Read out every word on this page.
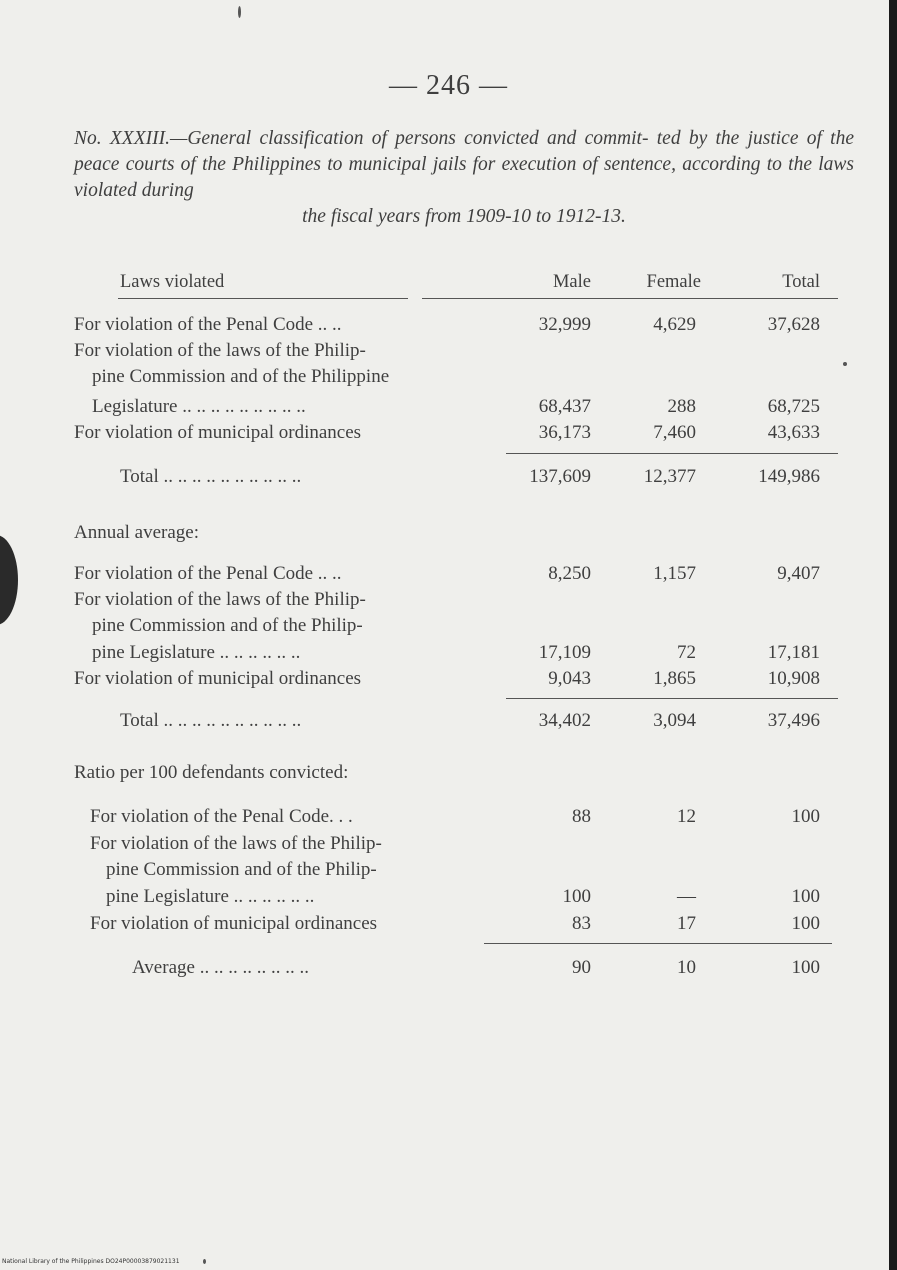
— 246 —
No. XXXIII.—General classification of persons convicted and commit- ted by the justice of the peace courts of the Philippines to municipal jails for execution of sentence, according to the laws violated during
the fiscal years from 1909-10 to 1912-13.
Laws violated	Male	Female	Total
For violation of the Penal Code .. ..	32,999	4,629	37,628
For violation of the laws of the Philip-
pine Commission and of the Philippine
Legislature .. .. .. .. .. .. .. .. ..	68,437	288	68,725
For violation of municipal ordinances	36,173	7,460	43,633
Total .. .. .. .. .. .. .. .. .. ..	137,609	12,377	149,986
Annual average:
For violation of the Penal Code .. ..	8,250	1,157	9,407
For violation of the laws of the Philip-
pine Commission and of the Philip-
pine Legislature .. .. .. .. .. ..	17,109	72	17,181
For violation of municipal ordinances	9,043	1,865	10,908
Total .. .. .. .. .. .. .. .. .. ..	34,402	3,094	37,496
Ratio per 100 defendants convicted:
For violation of the Penal Code. . .	88	12	100
For violation of the laws of the Philip-
pine Commission and of the Philip-
pine Legislature .. .. .. .. .. ..	100	—	100
For violation of municipal ordinances	83	17	100
Average .. .. .. .. .. .. .. ..	90	10	100
National Library of the Philippines DO24P00003879021131
